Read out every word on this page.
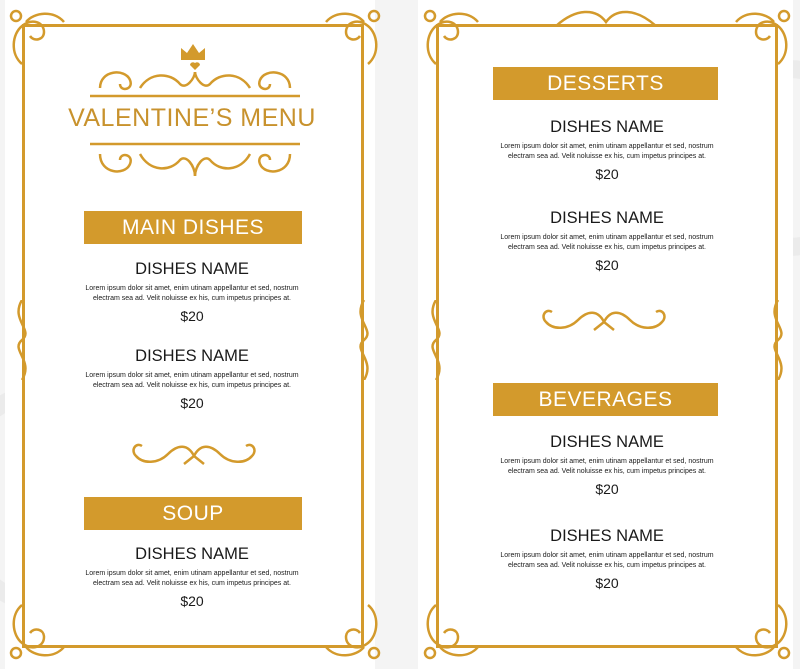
VALENTINE’S MENU
MAIN DISHES
DISHES NAME
Lorem ipsum dolor sit amet, enim utinam appellantur et sed, nostrum electram sea ad. Velit noluisse ex his, cum impetus principes at.
$20
DISHES NAME
Lorem ipsum dolor sit amet, enim utinam appellantur et sed, nostrum electram sea ad. Velit noluisse ex his, cum impetus principes at.
$20
SOUP
DISHES NAME
Lorem ipsum dolor sit amet, enim utinam appellantur et sed, nostrum electram sea ad. Velit noluisse ex his, cum impetus principes at.
$20
DESSERTS
DISHES NAME
Lorem ipsum dolor sit amet, enim utinam appellantur et sed, nostrum electram sea ad. Velit noluisse ex his, cum impetus principes at.
$20
DISHES NAME
Lorem ipsum dolor sit amet, enim utinam appellantur et sed, nostrum electram sea ad. Velit noluisse ex his, cum impetus principes at.
$20
BEVERAGES
DISHES NAME
Lorem ipsum dolor sit amet, enim utinam appellantur et sed, nostrum electram sea ad. Velit noluisse ex his, cum impetus principes at.
$20
DISHES NAME
Lorem ipsum dolor sit amet, enim utinam appellantur et sed, nostrum electram sea ad. Velit noluisse ex his, cum impetus principes at.
$20
